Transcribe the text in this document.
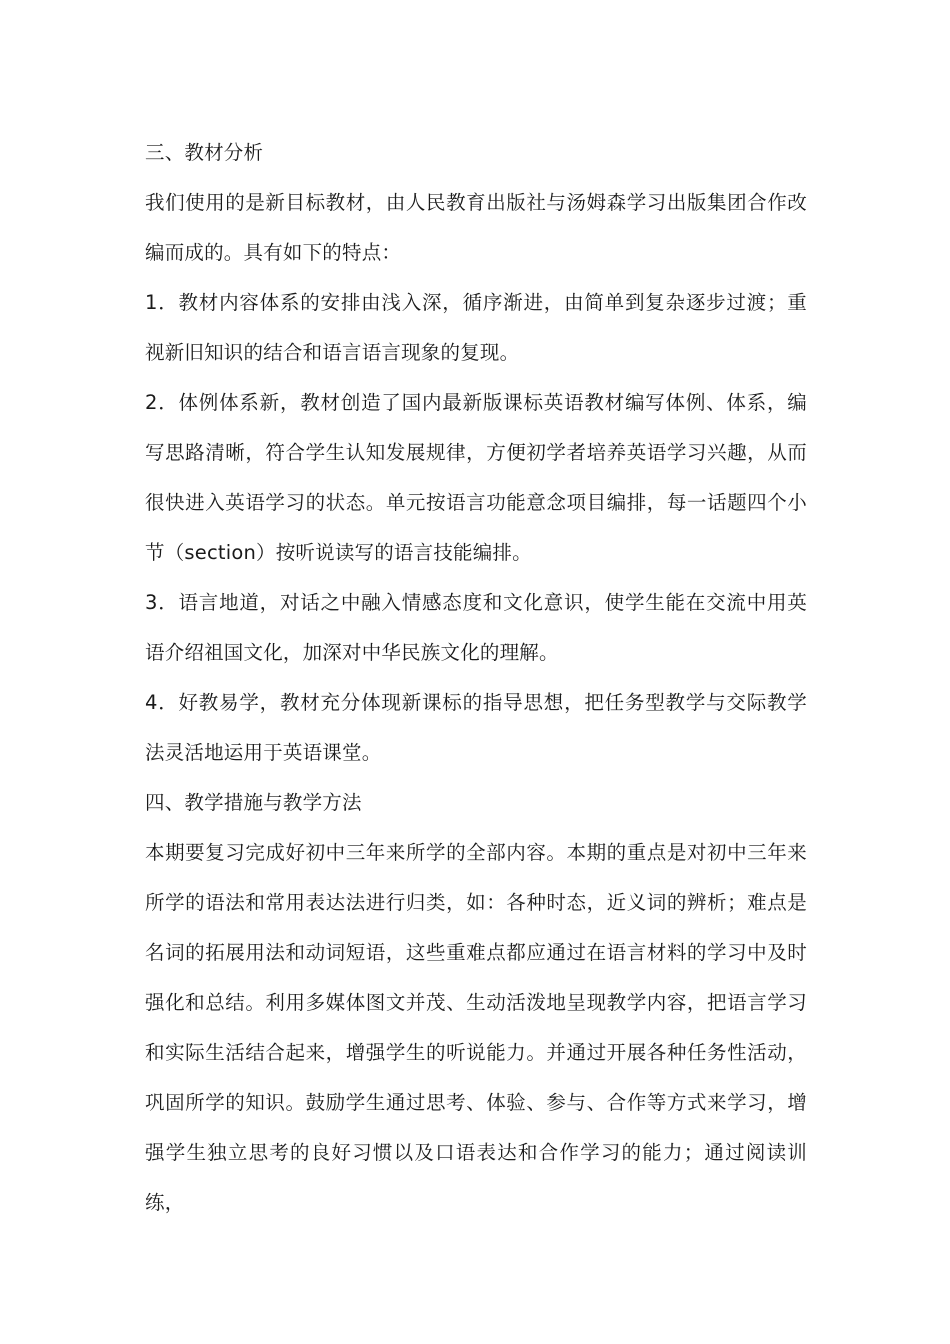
三、教材分析

我们使用的是新目标教材，由人民教育出版社与汤姆森学习出版集团合作改编而成的。具有如下的特点：

1．教材内容体系的安排由浅入深，循序渐进，由简单到复杂逐步过渡；重视新旧知识的结合和语言语言现象的复现。

2．体例体系新，教材创造了国内最新版课标英语教材编写体例、体系，编写思路清晰，符合学生认知发展规律，方便初学者培养英语学习兴趣，从而很快进入英语学习的状态。单元按语言功能意念项目编排，每一话题四个小节（section）按听说读写的语言技能编排。

3．语言地道，对话之中融入情感态度和文化意识，使学生能在交流中用英语介绍祖国文化，加深对中华民族文化的理解。

4．好教易学，教材充分体现新课标的指导思想，把任务型教学与交际教学法灵活地运用于英语课堂。

四、教学措施与教学方法

本期要复习完成好初中三年来所学的全部内容。本期的重点是对初中三年来所学的语法和常用表达法进行归类，如：各种时态，近义词的辨析；难点是名词的拓展用法和动词短语，这些重难点都应通过在语言材料的学习中及时强化和总结。利用多媒体图文并茂、生动活泼地呈现教学内容，把语言学习和实际生活结合起来，增强学生的听说能力。并通过开展各种任务性活动，巩固所学的知识。鼓励学生通过思考、体验、参与、合作等方式来学习，增强学生独立思考的良好习惯以及口语表达和合作学习的能力；通过阅读训练，
